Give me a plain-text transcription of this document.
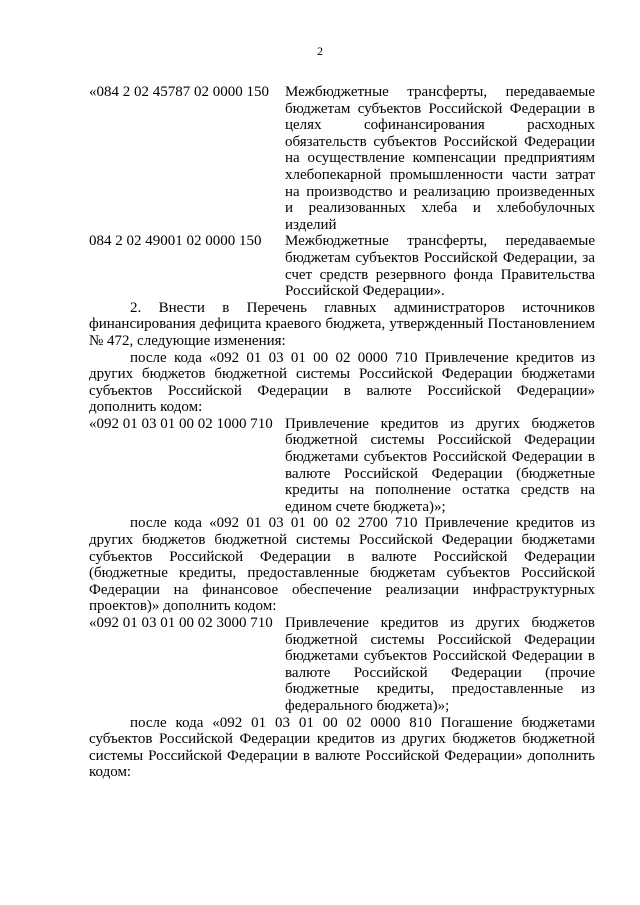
2
«084 2 02 45787 02 0000 150	Межбюджетные трансферты, передаваемые бюджетам субъектов Российской Федерации в целях софинансирования расходных обязательств субъектов Российской Федерации на осуществление компенсации предприятиям хлебопекарной промышленности части затрат на производство и реализацию произведенных и реализованных хлеба и хлебобулочных изделий
084 2 02 49001 02 0000 150	Межбюджетные трансферты, передаваемые бюджетам субъектов Российской Федерации, за счет средств резервного фонда Правительства Российской Федерации».

2. Внести в Перечень главных администраторов источников финансирования дефицита краевого бюджета, утвержденный Постановлением № 472, следующие изменения:

после кода «092 01 03 01 00 02 0000 710 Привлечение кредитов из других бюджетов бюджетной системы Российской Федерации бюджетами субъектов Российской Федерации в валюте Российской Федерации» дополнить кодом:

«092 01 03 01 00 02 1000 710 Привлечение кредитов из других бюджетов бюджетной системы Российской Федерации бюджетами субъектов Российской Федерации в валюте Российской Федерации (бюджетные кредиты на пополнение остатка средств на едином счете бюджета)»;

после кода «092 01 03 01 00 02 2700 710 Привлечение кредитов из других бюджетов бюджетной системы Российской Федерации бюджетами субъектов Российской Федерации в валюте Российской Федерации (бюджетные кредиты, предоставленные бюджетам субъектов Российской Федерации на финансовое обеспечение реализации инфраструктурных проектов)» дополнить кодом:

«092 01 03 01 00 02 3000 710 Привлечение кредитов из других бюджетов бюджетной системы Российской Федерации бюджетами субъектов Российской Федерации в валюте Российской Федерации (прочие бюджетные кредиты, предоставленные из федерального бюджета)»;

после кода «092 01 03 01 00 02 0000 810 Погашение бюджетами субъектов Российской Федерации кредитов из других бюджетов бюджетной системы Российской Федерации в валюте Российской Федерации» дополнить кодом:
